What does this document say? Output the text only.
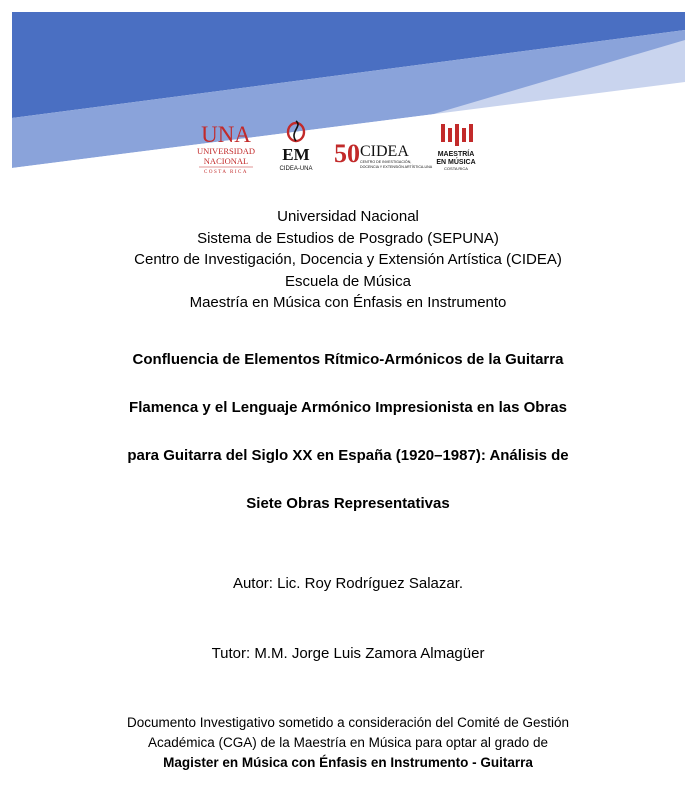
UNA
UNIVERSIDAD
NACIONAL
COSTA RICA
EM
CIDEA-UNA
50 CIDEA
CENTRO DE INVESTIGACIÓN,
DOCENCIA Y EXTENSIÓN ARTÍSTICA-UNA
MAESTRÍA
EN MÚSICA
COSTA RICA
Universidad Nacional
Sistema de Estudios de Posgrado (SEPUNA)
Centro de Investigación, Docencia y Extensión Artística (CIDEA)
Escuela de Música
Maestría en Música con Énfasis en Instrumento
Confluencia de Elementos Rítmico-Armónicos de la Guitarra
Flamenca y el Lenguaje Armónico Impresionista en las Obras
para Guitarra del Siglo XX en España (1920–1987): Análisis de
Siete Obras Representativas
Autor: Lic. Roy Rodríguez Salazar.
Tutor: M.M. Jorge Luis Zamora Almagüer
Documento Investigativo sometido a consideración del Comité de Gestión
Académica (CGA) de la Maestría en Música para optar al grado de
Magister en Música con Énfasis en Instrumento - Guitarra
